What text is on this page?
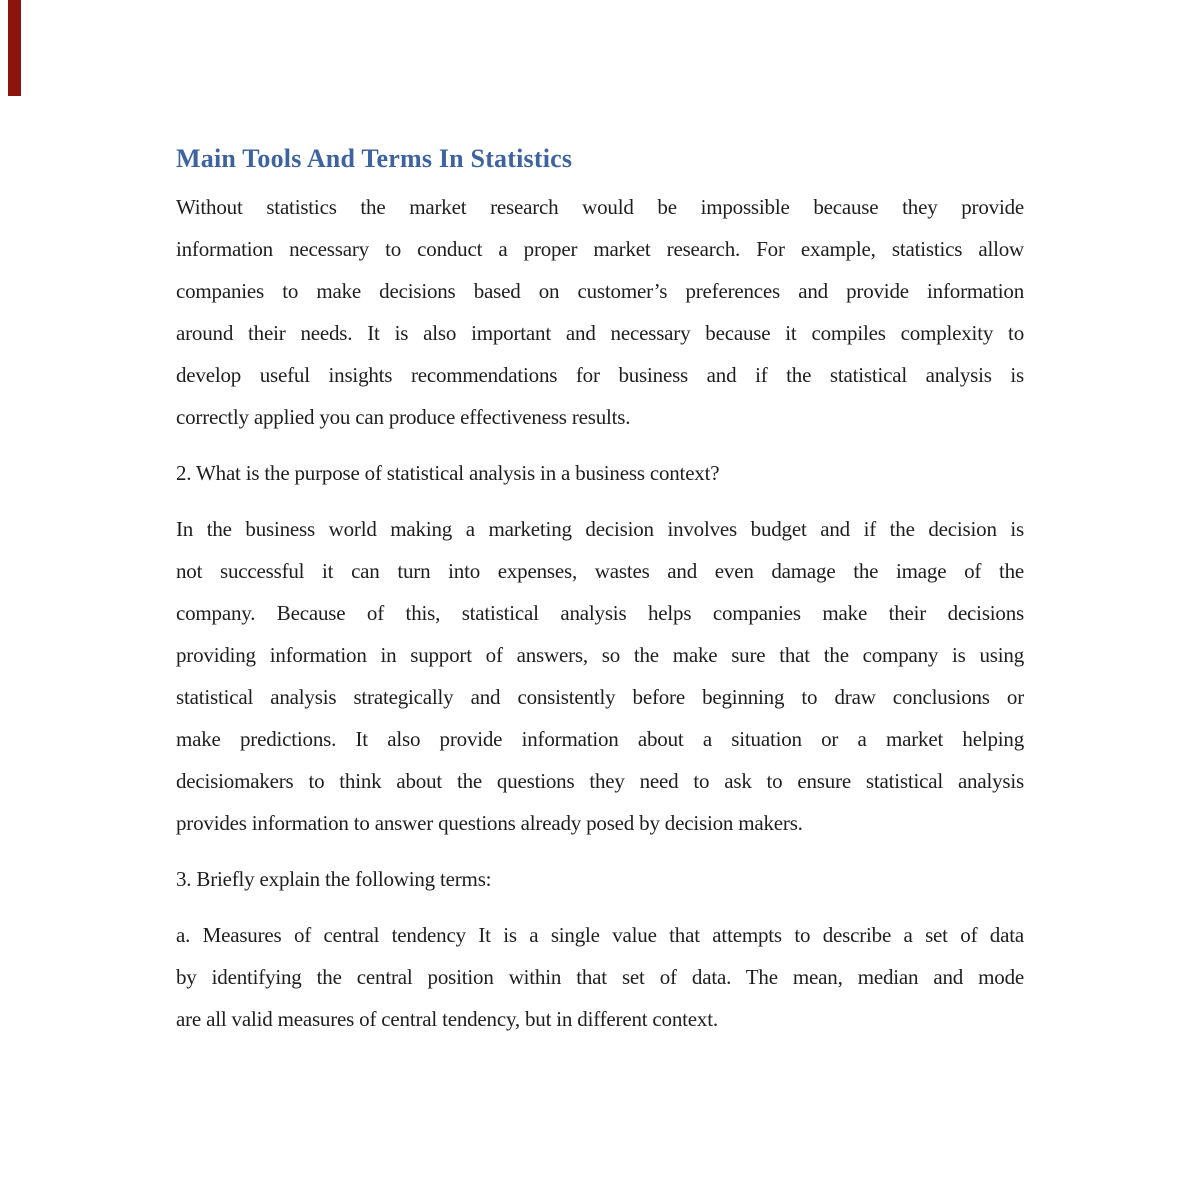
Main Tools And Terms In Statistics
Without statistics the market research would be impossible because they provide
information necessary to conduct a proper market research. For example, statistics allow
companies to make decisions based on customer’s preferences and provide information
around their needs. It is also important and necessary because it compiles complexity to
develop useful insights recommendations for business and if the statistical analysis is
correctly applied you can produce effectiveness results.
2. What is the purpose of statistical analysis in a business context?
In the business world making a marketing decision involves budget and if the decision is
not successful it can turn into expenses, wastes and even damage the image of the
company. Because of this, statistical analysis helps companies make their decisions
providing information in support of answers, so the make sure that the company is using
statistical analysis strategically and consistently before beginning to draw conclusions or
make predictions. It also provide information about a situation or a market helping
decisiomakers to think about the questions they need to ask to ensure statistical analysis
provides information to answer questions already posed by decision makers.
3. Briefly explain the following terms:
a. Measures of central tendency It is a single value that attempts to describe a set of data
by identifying the central position within that set of data. The mean, median and mode
are all valid measures of central tendency, but in different context.
